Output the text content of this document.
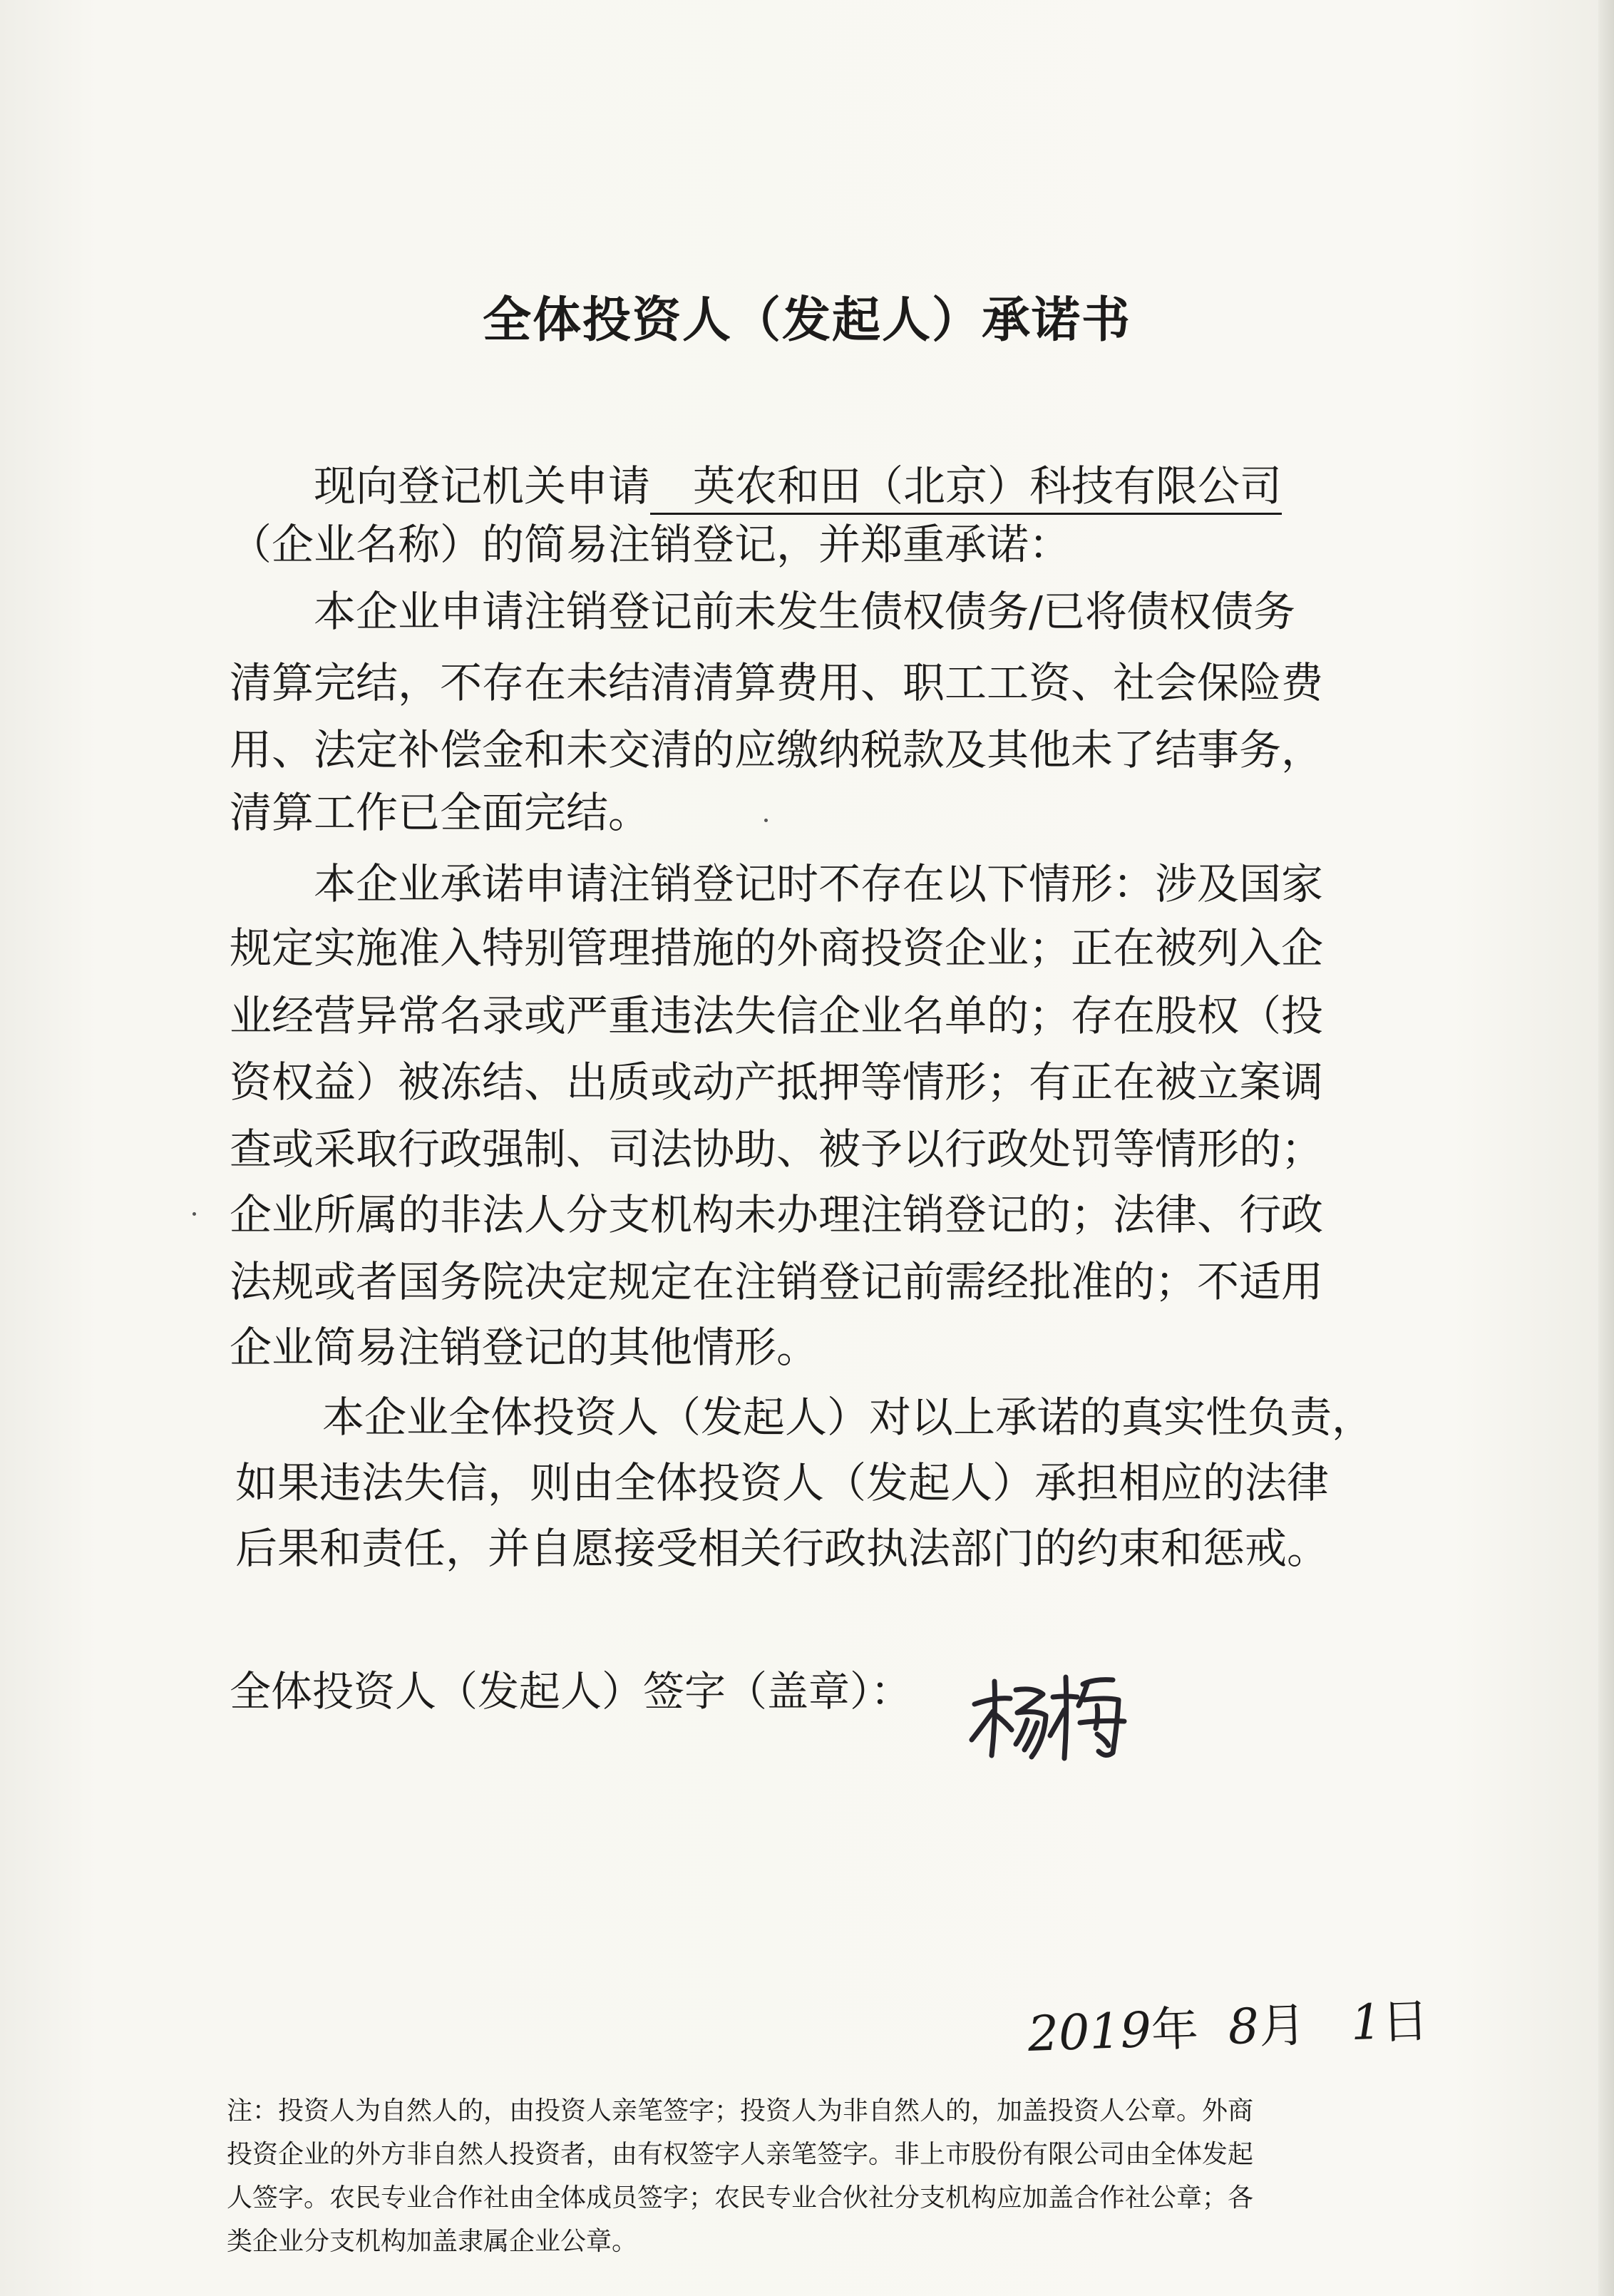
全体投资人（发起人）承诺书
现向登记机关申请 英农和田（北京）科技有限公司
（企业名称）的简易注销登记，并郑重承诺：
本企业申请注销登记前未发生债权债务/已将债权债务
清算完结，不存在未结清清算费用、职工工资、社会保险费
用、法定补偿金和未交清的应缴纳税款及其他未了结事务，
清算工作已全面完结。
本企业承诺申请注销登记时不存在以下情形：涉及国家
规定实施准入特别管理措施的外商投资企业；正在被列入企
业经营异常名录或严重违法失信企业名单的；存在股权（投
资权益）被冻结、出质或动产抵押等情形；有正在被立案调
查或采取行政强制、司法协助、被予以行政处罚等情形的；
企业所属的非法人分支机构未办理注销登记的；法律、行政
法规或者国务院决定规定在注销登记前需经批准的；不适用
企业简易注销登记的其他情形。
本企业全体投资人（发起人）对以上承诺的真实性负责，
如果违法失信，则由全体投资人（发起人）承担相应的法律
后果和责任，并自愿接受相关行政执法部门的约束和惩戒。
全体投资人（发起人）签字（盖章）：
2019年 8月 1日
注：投资人为自然人的，由投资人亲笔签字；投资人为非自然人的，加盖投资人公章。外商
投资企业的外方非自然人投资者，由有权签字人亲笔签字。非上市股份有限公司由全体发起
人签字。农民专业合作社由全体成员签字；农民专业合伙社分支机构应加盖合作社公章；各
类企业分支机构加盖隶属企业公章。
